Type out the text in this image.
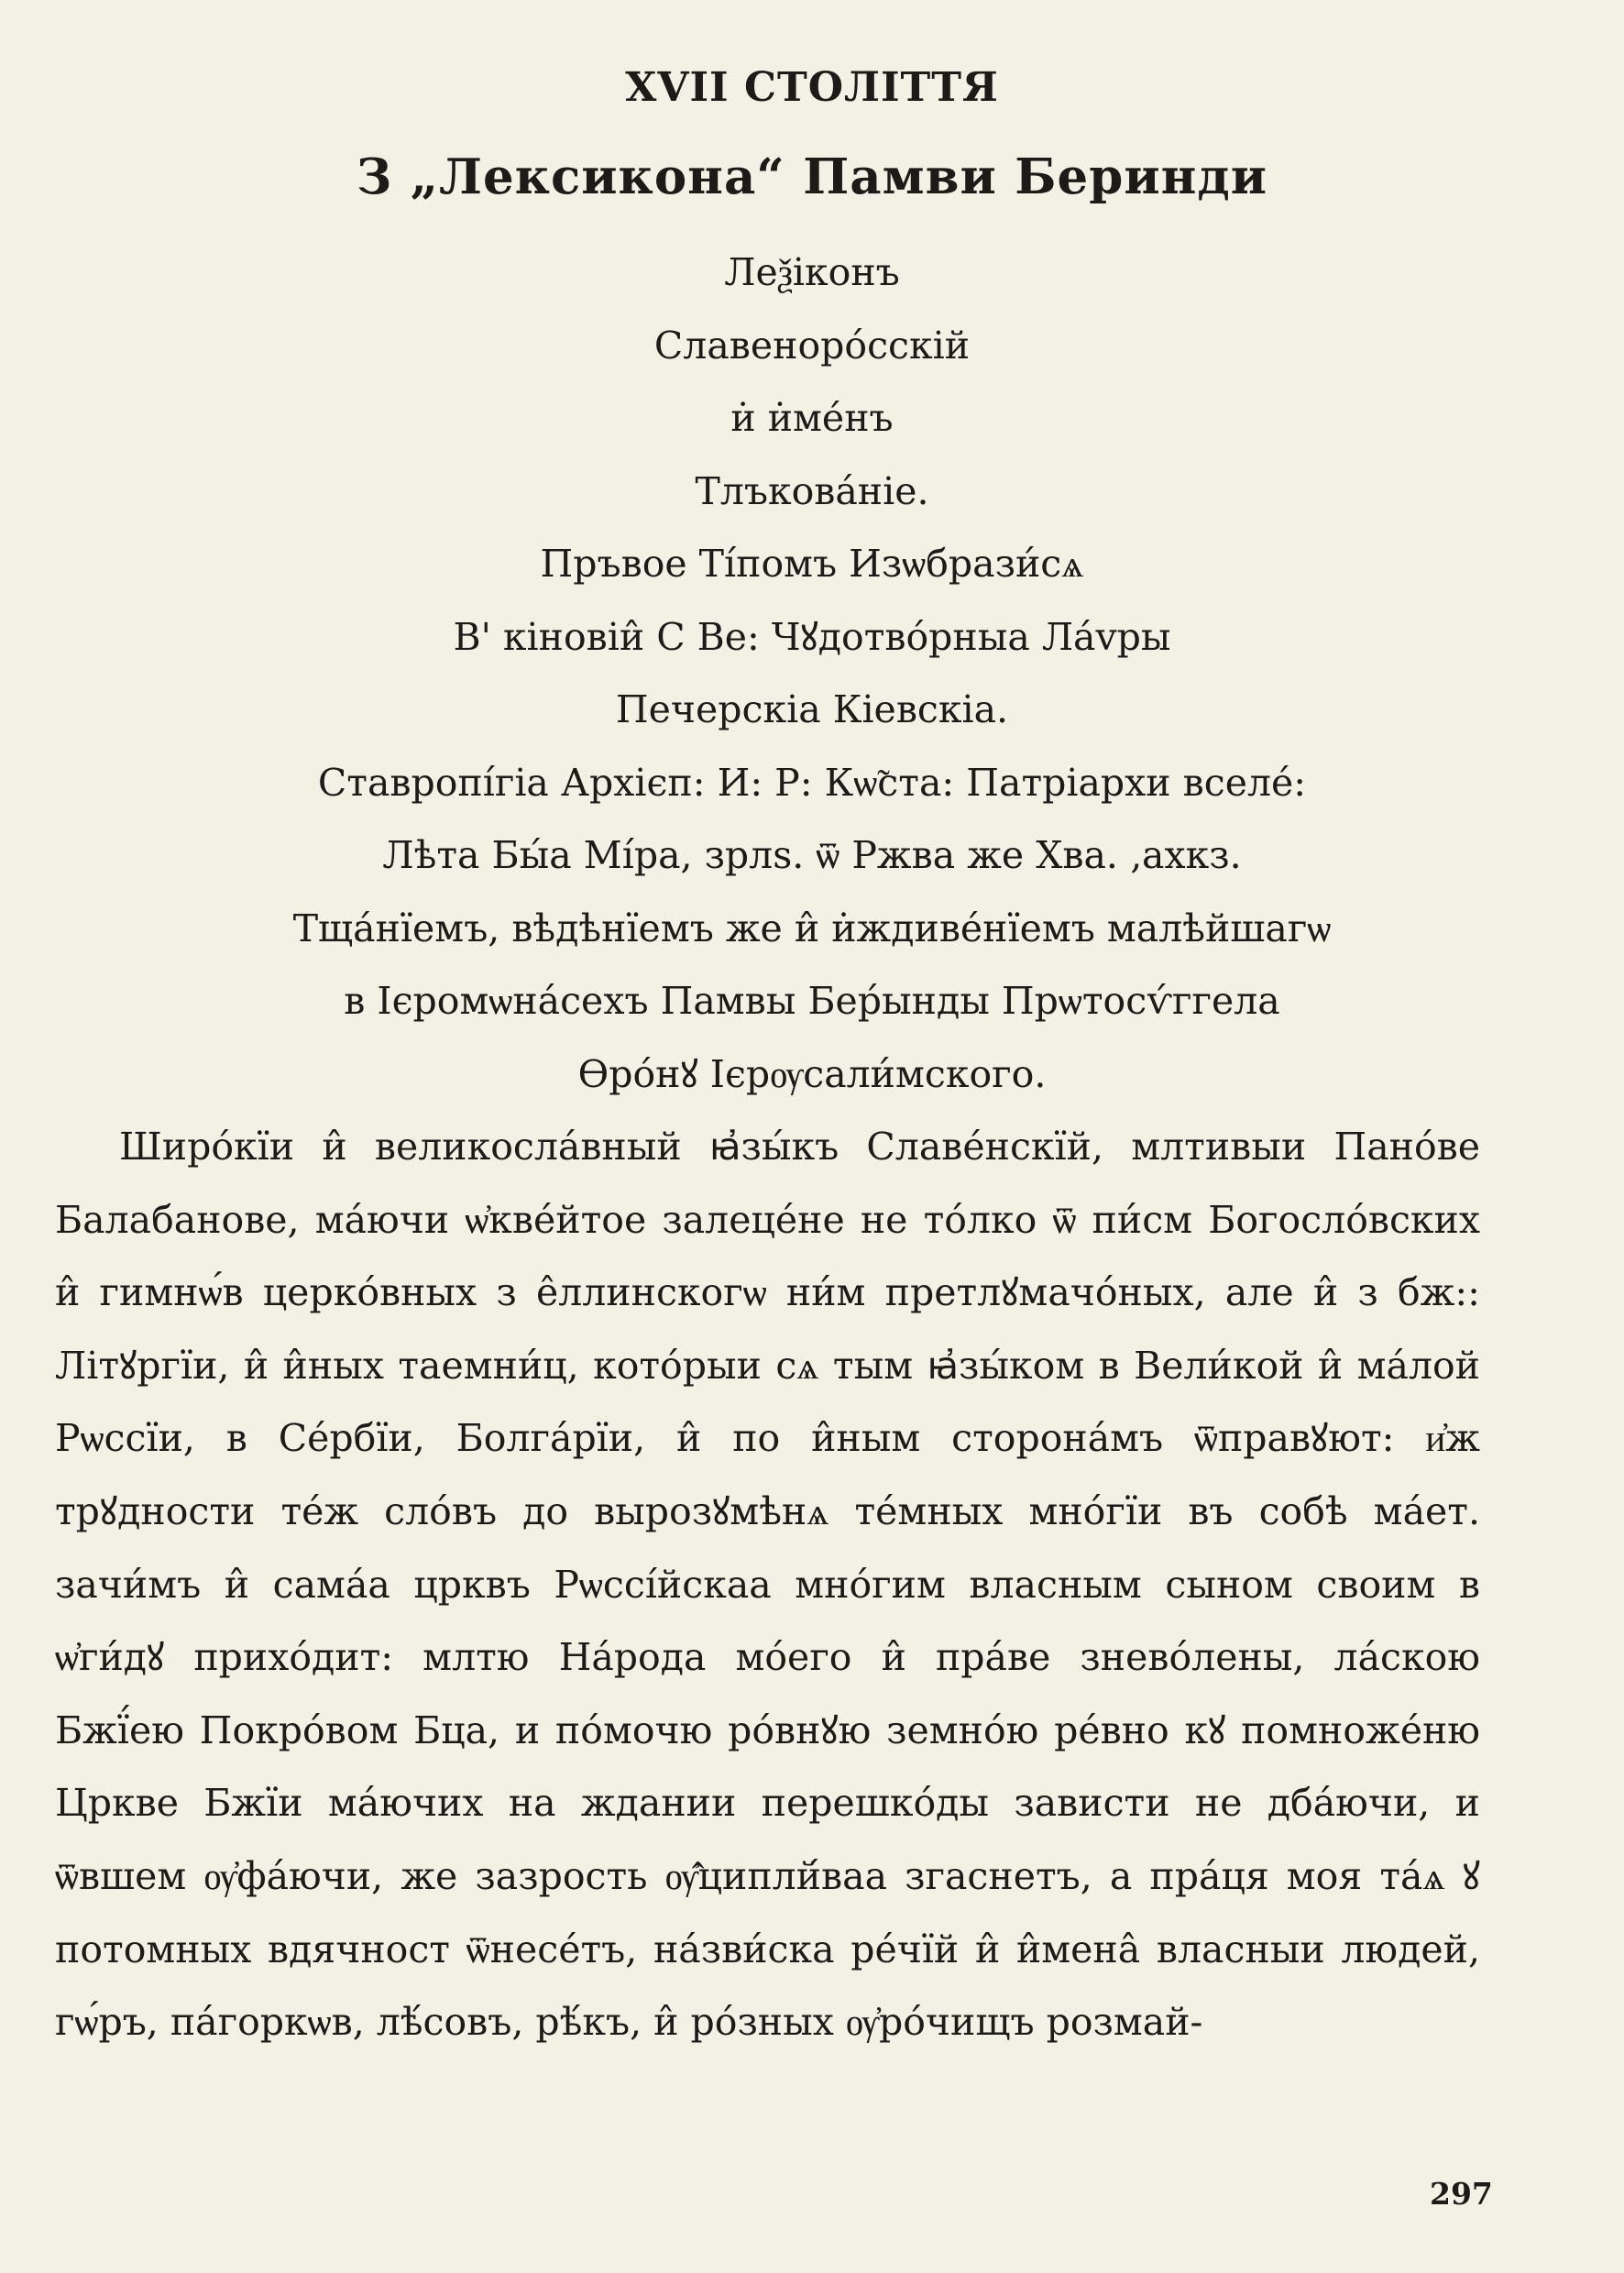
XVII СТОЛІТТЯ
З „Лексикона“ Памви Беринди
Леѯіконъ
Славеноро́сскій
и̇ и̇ме́нъ
Тлъкова́ніе.
Пръвое Ті́помъ Изѡбрази́сѧ
В' кіновіи̂ С Ве: Чꙋдотво́рныа Ла́vры
Печерскіа Кіевскіа.
Ставропі́гіа Архієп: И: Р: Кѡ̃ста: Патріархи вселе́:
Лѣта Бы́а Мі́ра, зрлѕ. ѿ Ржва же Хва. ‚ахкз.
Тща́нїемъ, вѣдѣнїемъ же и̂ и̇ждиве́нїемъ малѣйшагѡ
в Ієромѡна́сехъ Памвы Бер́ынды Прѡтосѵ́ггела
Ѳро́нꙋ Ієрѹсали́мского.

Широ́кїи и̂ великосла́вный ꙗ҆зы́къ Славе́нскїй, млтивыи Пано́ве Балабанове, ма́ючи ѡ҆кве́йтое залеце́не не то́лко ѿ пи́см Богосло́вских и̂ гимнѡ́в церко́вных з е̂ллинскогѡ ни́м претлꙋмачо́ных, але и̂ з бж:: Літꙋргїи, и̂ и̂ных таемни́ц, кото́рыи сѧ тым ꙗ҆зы́ком в Вели́кой и̂ ма́лой Рѡссїи, в Се́рбїи, Болга́рїи, и̂ по и̂ным сторона́мъ ѿправꙋют: и҆ж трꙋдности те́ж сло́въ до вырозꙋмѣнѧ те́мных мно́гїи въ собѣ ма́ет. зачи́мъ и̂ сама́а црквъ Рѡссі́йскаа мно́гим власным сыном своим в ѡ҆ги́дꙋ прихо́дит: млтю На́рода мо́его и̂ пра́ве знево́лены, ла́скою Бжї́ею Покро́вом Бца, и по́мочю ро́внꙋю земно́ю ре́вно кꙋ помноже́ню Црквe Бжїи ма́ючих на ждании перешко́ды зависти не дба́ючи, и ѿвшем ѹ҆фа́ючи, же зазрость ѹ҆̂циплй́ваа згаснетъ, а пра́ця моя та́ѧ ꙋ потомных вдячност ѿнесе́тъ, на́зви́ска ре́чїй и̂ и̂мена̂ власныи людей, гѡ́ръ, па́горкѡв, лѣ́совъ, рѣ́къ, и̂ ро́зных ѹ҆ро́чищъ розмай-

297
